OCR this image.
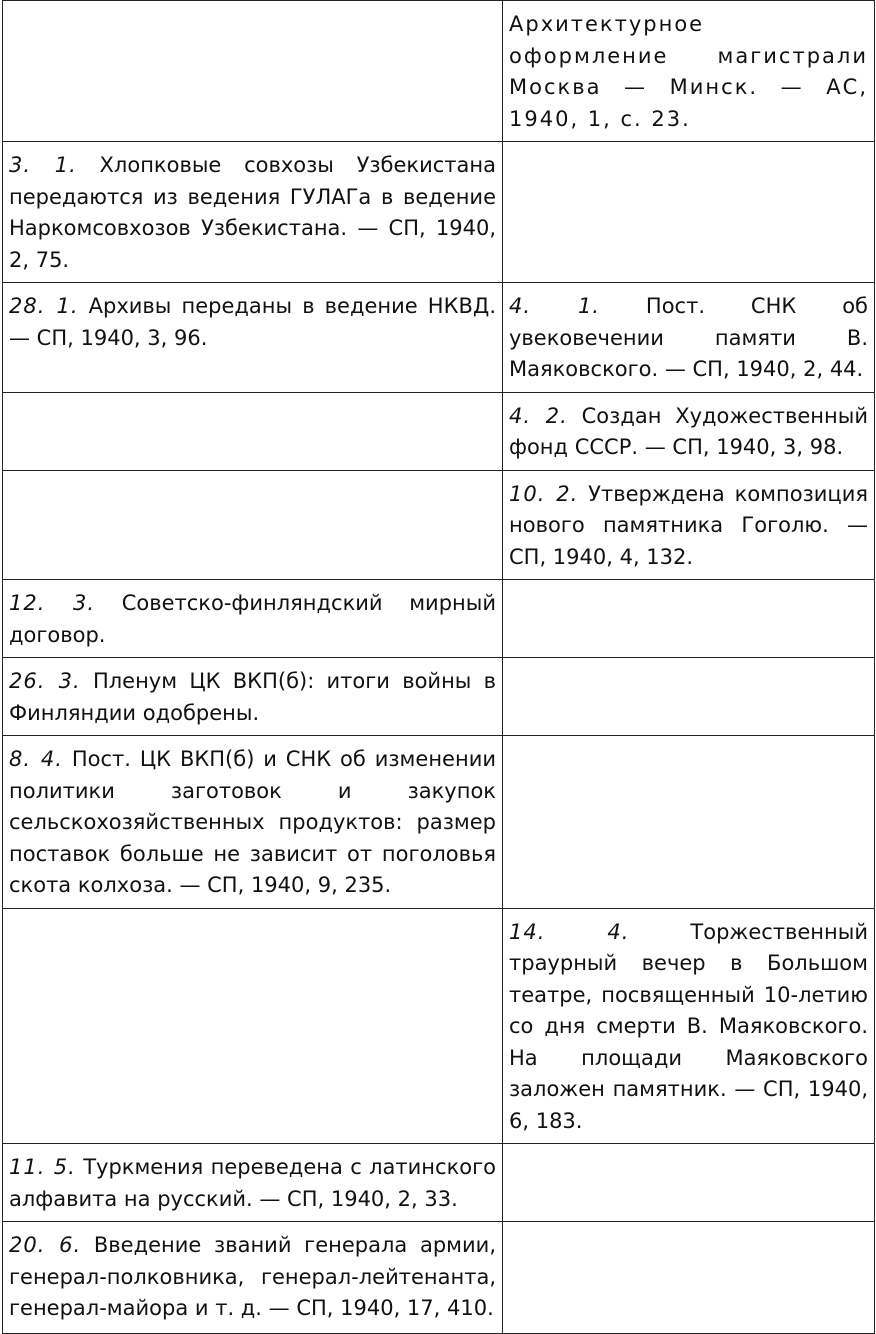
	Архитектурное оформление магистрали Москва — Минск. — АС, 1940, 1, с. 23.
3. 1. Хлопковые совхозы Узбекистана передаются из ведения ГУЛАГа в ведение Наркомсовхозов Узбекистана. — СП, 1940, 2, 75.	
28. 1. Архивы переданы в ведение НКВД. — СП, 1940, 3, 96.	4. 1. Пост. СНК об увековечении памяти В. Маяковского. — СП, 1940, 2, 44.
	4. 2. Создан Художественный фонд СССР. — СП, 1940, 3, 98.
	10. 2. Утверждена композиция нового памятника Гоголю. — СП, 1940, 4, 132.
12. 3. Советско-финляндский мирный договор.	
26. 3. Пленум ЦК ВКП(б): итоги войны в Финляндии одобрены.	
8. 4. Пост. ЦК ВКП(б) и СНК об изменении политики заготовок и закупок сельскохозяйственных продуктов: размер поставок больше не зависит от поголовья скота колхоза. — СП, 1940, 9, 235.	
	14. 4. Торжественный траурный вечер в Большом театре, посвященный 10-летию со дня смерти В. Маяковского. На площади Маяковского заложен памятник. — СП, 1940, 6, 183.
11. 5. Туркмения переведена с латинского алфавита на русский. — СП, 1940, 2, 33.	
20. 6. Введение званий генерала армии, генерал-полковника, генерал-лейтенанта, генерал-майора и т. д. — СП, 1940, 17, 410.	
